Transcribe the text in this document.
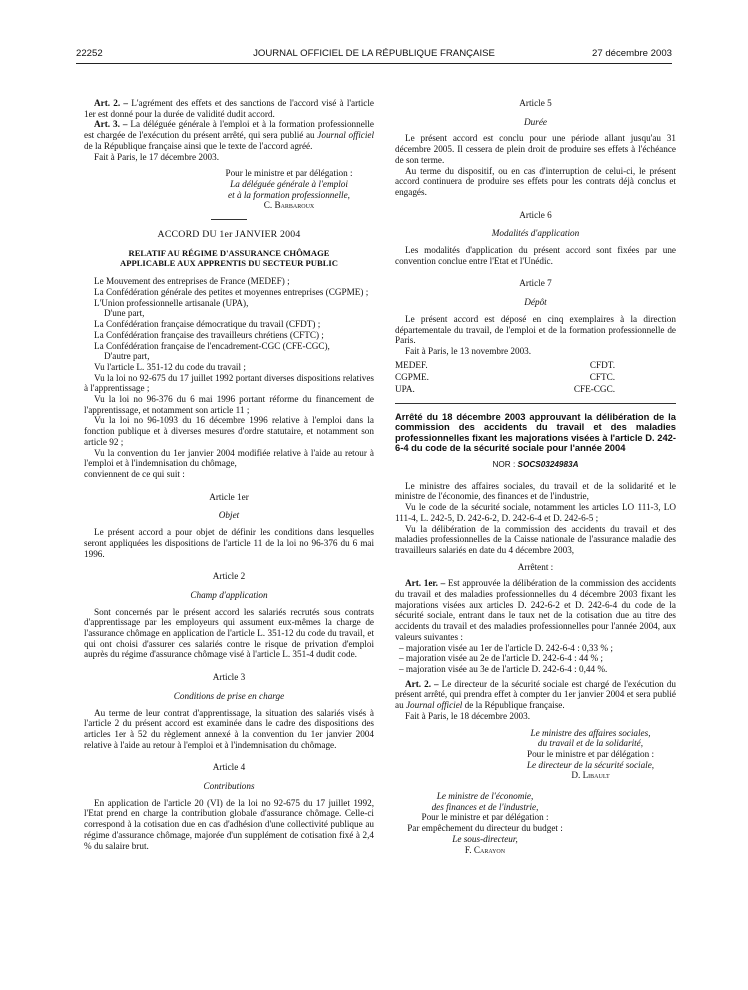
22252	JOURNAL OFFICIEL DE LA RÉPUBLIQUE FRANÇAISE	27 décembre 2003

Art. 2. – L'agrément des effets et des sanctions de l'accord visé à l'article 1er est donné pour la durée de validité dudit accord.

Art. 3. – La déléguée générale à l'emploi et à la formation professionnelle est chargée de l'exécution du présent arrêté, qui sera publié au Journal officiel de la République française ainsi que le texte de l'accord agréé.

Fait à Paris, le 17 décembre 2003.

Pour le ministre et par délégation :
La déléguée générale à l'emploi
et à la formation professionnelle,
C. Barbaroux
ACCORD DU 1er JANVIER 2004
RELATIF AU RÉGIME D'ASSURANCE CHÔMAGE
APPLICABLE AUX APPRENTIS DU SECTEUR PUBLIC

Le Mouvement des entreprises de France (MEDEF) ;

La Confédération générale des petites et moyennes entreprises (CGPME) ;

L'Union professionnelle artisanale (UPA),

D'une part,

La Confédération française démocratique du travail (CFDT) ;

La Confédération française des travailleurs chrétiens (CFTC) ;

La Confédération française de l'encadrement-CGC (CFE-CGC),

D'autre part,

Vu l'article L. 351-12 du code du travail ;

Vu la loi no 92-675 du 17 juillet 1992 portant diverses dispositions relatives à l'apprentissage ;

Vu la loi no 96-376 du 6 mai 1996 portant réforme du financement de l'apprentissage, et notamment son article 11 ;

Vu la loi no 96-1093 du 16 décembre 1996 relative à l'emploi dans la fonction publique et à diverses mesures d'ordre statutaire, et notamment son article 92 ;

Vu la convention du 1er janvier 2004 modifiée relative à l'aide au retour à l'emploi et à l'indemnisation du chômage,

conviennent de ce qui suit :

Article 1er
Objet

Le présent accord a pour objet de définir les conditions dans lesquelles seront appliquées les dispositions de l'article 11 de la loi no 96-376 du 6 mai 1996.

Article 2
Champ d'application

Sont concernés par le présent accord les salariés recrutés sous contrats d'apprentissage par les employeurs qui assument eux-mêmes la charge de l'assurance chômage en application de l'article L. 351-12 du code du travail, et qui ont choisi d'assurer ces salariés contre le risque de privation d'emploi auprès du régime d'assurance chômage visé à l'article L. 351-4 dudit code.

Article 3
Conditions de prise en charge

Au terme de leur contrat d'apprentissage, la situation des salariés visés à l'article 2 du présent accord est examinée dans le cadre des dispositions des articles 1er à 52 du règlement annexé à la convention du 1er janvier 2004 relative à l'aide au retour à l'emploi et à l'indemnisation du chômage.

Article 4
Contributions

En application de l'article 20 (VI) de la loi no 92-675 du 17 juillet 1992, l'Etat prend en charge la contribution globale d'assurance chômage. Celle-ci correspond à la cotisation due en cas d'adhésion d'une collectivité publique au régime d'assurance chômage, majorée d'un supplément de cotisation fixé à 2,4 % du salaire brut.

Article 5
Durée

Le présent accord est conclu pour une période allant jusqu'au 31 décembre 2005. Il cessera de plein droit de produire ses effets à l'échéance de son terme.

Au terme du dispositif, ou en cas d'interruption de celui-ci, le présent accord continuera de produire ses effets pour les contrats déjà conclus et engagés.

Article 6
Modalités d'application

Les modalités d'application du présent accord sont fixées par une convention conclue entre l'Etat et l'Unédic.

Article 7
Dépôt

Le présent accord est déposé en cinq exemplaires à la direction départementale du travail, de l'emploi et de la formation professionnelle de Paris.

Fait à Paris, le 13 novembre 2003.

MEDEF.	CFDT.
CGPME.	CFTC.
UPA.	CFE-CGC.
Arrêté du 18 décembre 2003 approuvant la délibération de la commission des accidents du travail et des maladies professionnelles fixant les majorations visées à l'article D. 242-6-4 du code de la sécurité sociale pour l'année 2004
NOR : SOCS0324983A

Le ministre des affaires sociales, du travail et de la solidarité et le ministre de l'économie, des finances et de l'industrie,

Vu le code de la sécurité sociale, notamment les articles LO 111-3, LO 111-4, L. 242-5, D. 242-6-2, D. 242-6-4 et D. 242-6-5 ;

Vu la délibération de la commission des accidents du travail et des maladies professionnelles de la Caisse nationale de l'assurance maladie des travailleurs salariés en date du 4 décembre 2003,

Arrêtent :

Art. 1er. – Est approuvée la délibération de la commission des accidents du travail et des maladies professionnelles du 4 décembre 2003 fixant les majorations visées aux articles D. 242-6-2 et D. 242-6-4 du code de la sécurité sociale, entrant dans le taux net de la cotisation due au titre des accidents du travail et des maladies professionnelles pour l'année 2004, aux valeurs suivantes :

– majoration visée au 1er de l'article D. 242-6-4 : 0,33 % ;

– majoration visée au 2e de l'article D. 242-6-4 : 44 % ;

– majoration visée au 3e de l'article D. 242-6-4 : 0,44 %.

Art. 2. – Le directeur de la sécurité sociale est chargé de l'exécution du présent arrêté, qui prendra effet à compter du 1er janvier 2004 et sera publié au Journal officiel de la République française.

Fait à Paris, le 18 décembre 2003.

Le ministre des affaires sociales,
du travail et de la solidarité,
Pour le ministre et par délégation :
Le directeur de la sécurité sociale,
D. Libault
Le ministre de l'économie,
des finances et de l'industrie,
Pour le ministre et par délégation :
Par empêchement du directeur du budget :
Le sous-directeur,
F. Carayon
